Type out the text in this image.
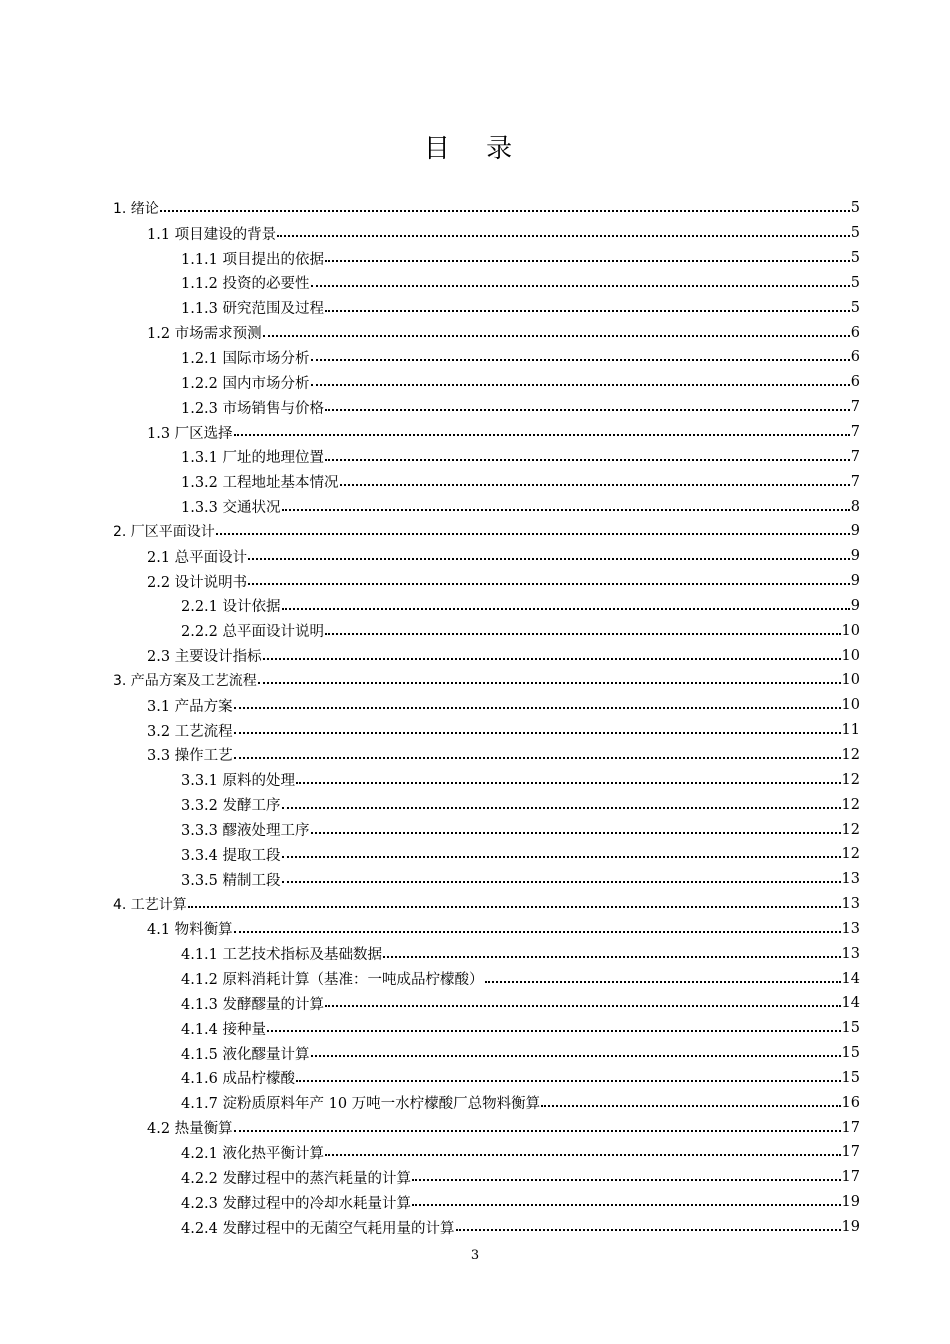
目 录
1. 绪论	5
1.1 项目建设的背景	5
1.1.1 项目提出的依据	5
1.1.2 投资的必要性	5
1.1.3 研究范围及过程	5
1.2 市场需求预测	6
1.2.1 国际市场分析	6
1.2.2 国内市场分析	6
1.2.3 市场销售与价格	7
1.3 厂区选择	7
1.3.1 厂址的地理位置	7
1.3.2 工程地址基本情况	7
1.3.3 交通状况	8
2. 厂区平面设计	9
2.1 总平面设计	9
2.2 设计说明书	9
2.2.1 设计依据	9
2.2.2 总平面设计说明	10
2.3 主要设计指标	10
3. 产品方案及工艺流程	10
3.1 产品方案	10
3.2 工艺流程	11
3.3 操作工艺	12
3.3.1 原料的处理	12
3.3.2 发酵工序	12
3.3.3 醪液处理工序	12
3.3.4 提取工段	12
3.3.5 精制工段	13
4. 工艺计算	13
4.1 物料衡算	13
4.1.1 工艺技术指标及基础数据	13
4.1.2 原料消耗计算（基准：一吨成品柠檬酸）	14
4.1.3 发酵醪量的计算	14
4.1.4 接种量	15
4.1.5 液化醪量计算	15
4.1.6 成品柠檬酸	15
4.1.7 淀粉质原料年产 10 万吨一水柠檬酸厂总物料衡算	16
4.2 热量衡算	17
4.2.1 液化热平衡计算	17
4.2.2 发酵过程中的蒸汽耗量的计算	17
4.2.3 发酵过程中的冷却水耗量计算	19
4.2.4 发酵过程中的无菌空气耗用量的计算	19
3
